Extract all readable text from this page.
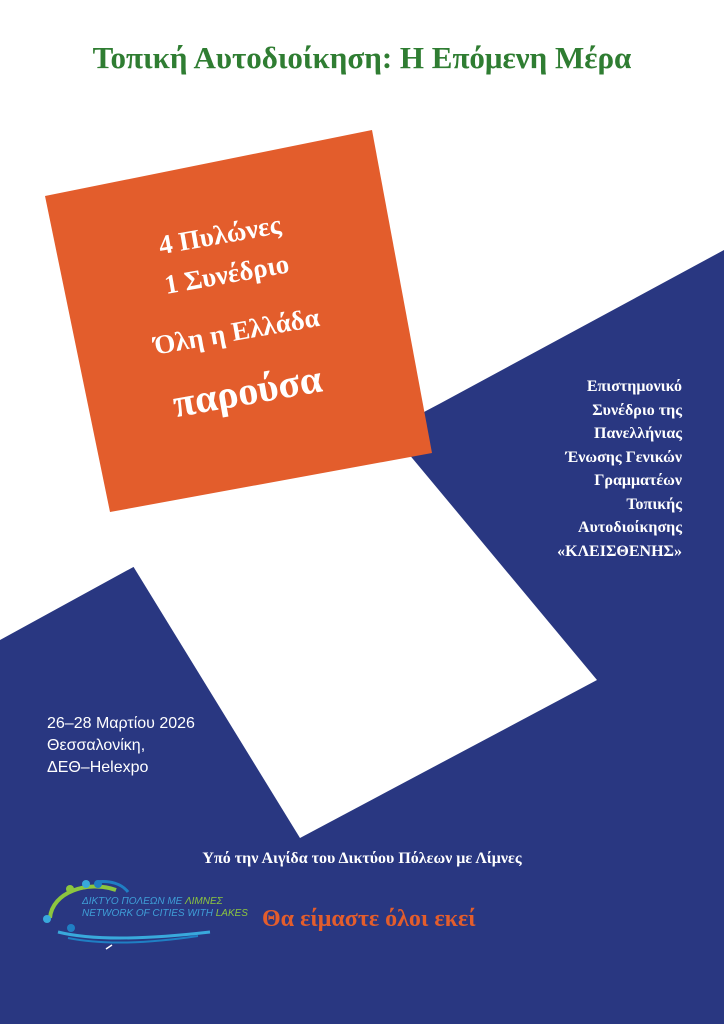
Τοπική Αυτοδιοίκηση: Η Επόμενη Μέρα
4 Πυλώνες
1 Συνέδριο
Όλη η Ελλάδα
παρούσα	Επιστημονικό
Συνέδριο της
Πανελλήνιας
Ένωσης Γενικών
Γραμματέων
Τοπικής
Αυτοδιοίκησης
«ΚΛΕΙΣΘΕΝΗΣ»
26–28 Μαρτίου 2026
Θεσσαλονίκη,
ΔΕΘ–Helexpo
Υπό την Αιγίδα του Δικτύου Πόλεων με Λίμνες
ΔΙΚΤΥΟ ΠΟΛΕΩΝ ΜΕ ΛΙΜΝΕΣ
NETWORK OF CITIES WITH LAKES Θα είμαστε όλοι εκεί
